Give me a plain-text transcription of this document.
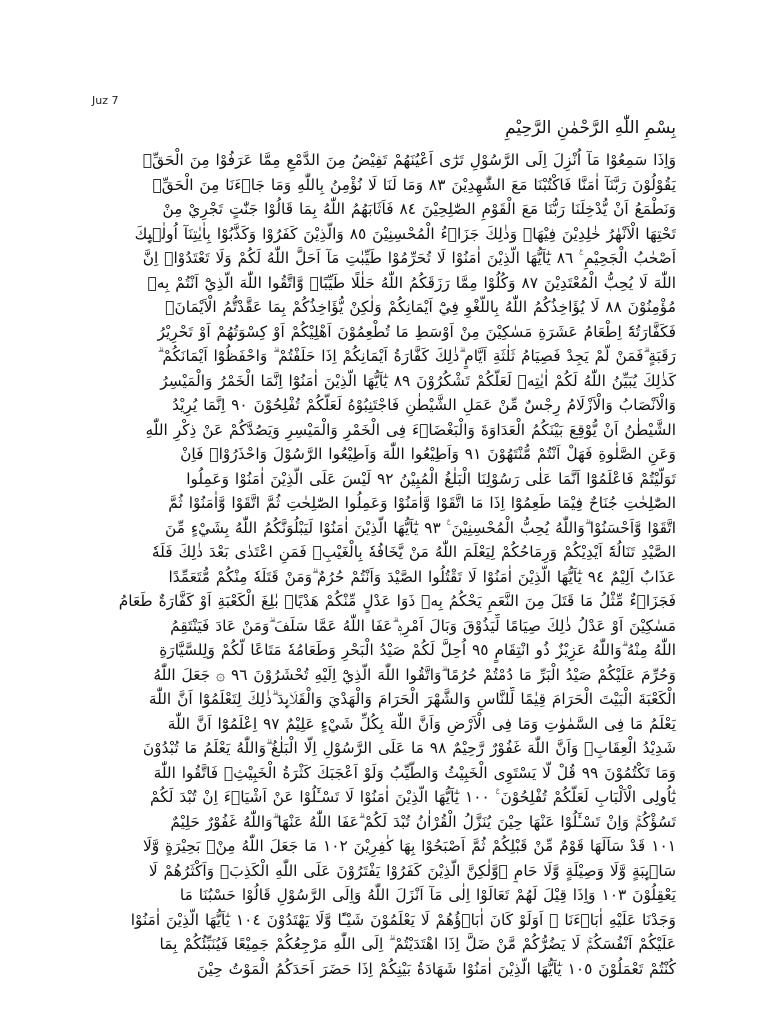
Juz 7
بِسْمِ اللّٰهِ الرَّحْمٰنِ الرَّحِيْمِ
وَاِذَا سَمِعُوْا مَآ اُنْزِلَ اِلَى الرَّسُوْلِ تَرٰٓى اَعْيُنَهُمْ تَفِيْضُ مِنَ الدَّمْعِ مِمَّا عَرَفُوْا مِنَ الْحَقِّۚ
يَقُوْلُوْنَ رَبَّنَآ اٰمَنَّا فَاكْتُبْنَا مَعَ الشّٰهِدِيْنَ ٨٣ وَمَا لَنَا لَا نُؤْمِنُ بِاللّٰهِ وَمَا جَاۤءَنَا مِنَ الْحَقِّۙ
وَنَطْمَعُ اَنْ يُّدْخِلَنَا رَبُّنَا مَعَ الْقَوْمِ الصّٰلِحِيْنَ ٨٤ فَاَثَابَهُمُ اللّٰهُ بِمَا قَالُوْا جَنّٰتٍ تَجْرِيْ مِنْ
تَحْتِهَا الْاَنْهٰرُ خٰلِدِيْنَ فِيْهَاۗ وَذٰلِكَ جَزَاۤءُ الْمُحْسِنِيْنَ ٨٥ وَالَّذِيْنَ كَفَرُوْا وَكَذَّبُوْا بِاٰيٰتِنَآ اُولٰۤىِٕكَ
اَصْحٰبُ الْجَحِيْمِ ࣖ ٨٦ يٰٓاَيُّهَا الَّذِيْنَ اٰمَنُوْا لَا تُحَرِّمُوْا طَيِّبٰتِ مَآ اَحَلَّ اللّٰهُ لَكُمْ وَلَا تَعْتَدُوْاۗ اِنَّ
اللّٰهَ لَا يُحِبُّ الْمُعْتَدِيْنَ ٨٧ وَكُلُوْا مِمَّا رَزَقَكُمُ اللّٰهُ حَلٰلًا طَيِّبًاۖ وَّاتَّقُوا اللّٰهَ الَّذِيْٓ اَنْتُمْ بِهٖ
مُؤْمِنُوْنَ ٨٨ لَا يُؤَاخِذُكُمُ اللّٰهُ بِاللَّغْوِ فِيْٓ اَيْمَانِكُمْ وَلٰكِنْ يُّؤَاخِذُكُمْ بِمَا عَقَّدْتُّمُ الْاَيْمَانَۚ
فَكَفَّارَتُهٗٓ اِطْعَامُ عَشَرَةِ مَسٰكِيْنَ مِنْ اَوْسَطِ مَا تُطْعِمُوْنَ اَهْلِيْكُمْ اَوْ كِسْوَتُهُمْ اَوْ تَحْرِيْرُ
رَقَبَةٍ ۗفَمَنْ لَّمْ يَجِدْ فَصِيَامُ ثَلٰثَةِ اَيَّامٍ ۗذٰلِكَ كَفَّارَةُ اَيْمَانِكُمْ اِذَا حَلَفْتُمْ ۗ وَاحْفَظُوْٓا اَيْمَانَكُمْ ۗ
كَذٰلِكَ يُبَيِّنُ اللّٰهُ لَكُمْ اٰيٰتِهٖ لَعَلَّكُمْ تَشْكُرُوْنَ ٨٩ يٰٓاَيُّهَا الَّذِيْنَ اٰمَنُوْٓا اِنَّمَا الْخَمْرُ وَالْمَيْسِرُ
وَالْاَنْصَابُ وَالْاَزْلَامُ رِجْسٌ مِّنْ عَمَلِ الشَّيْطٰنِ فَاجْتَنِبُوْهُ لَعَلَّكُمْ تُفْلِحُوْنَ ٩٠ اِنَّمَا يُرِيْدُ
الشَّيْطٰنُ اَنْ يُّوْقِعَ بَيْنَكُمُ الْعَدَاوَةَ وَالْبَغْضَاۤءَ فِى الْخَمْرِ وَالْمَيْسِرِ وَيَصُدَّكُمْ عَنْ ذِكْرِ اللّٰهِ
وَعَنِ الصَّلٰوةِ فَهَلْ اَنْتُمْ مُّنْتَهُوْنَ ٩١ وَاَطِيْعُوا اللّٰهَ وَاَطِيْعُوا الرَّسُوْلَ وَاحْذَرُوْاۚ فَاِنْ
تَوَلَّيْتُمْ فَاعْلَمُوْٓا اَنَّمَا عَلٰى رَسُوْلِنَا الْبَلٰغُ الْمُبِيْنُ ٩٢ لَيْسَ عَلَى الَّذِيْنَ اٰمَنُوْا وَعَمِلُوا
الصّٰلِحٰتِ جُنَاحٌ فِيْمَا طَعِمُوْٓا اِذَا مَا اتَّقَوْا وَّاٰمَنُوْا وَعَمِلُوا الصّٰلِحٰتِ ثُمَّ اتَّقَوْا وَّاٰمَنُوْا ثُمَّ
اتَّقَوْا وَّاَحْسَنُوْا ۗوَاللّٰهُ يُحِبُّ الْمُحْسِنِيْنَ ࣖ ٩٣ يٰٓاَيُّهَا الَّذِيْنَ اٰمَنُوْا لَيَبْلُوَنَّكُمُ اللّٰهُ بِشَيْءٍ مِّنَ
الصَّيْدِ تَنَالُهٗٓ اَيْدِيْكُمْ وَرِمَاحُكُمْ لِيَعْلَمَ اللّٰهُ مَنْ يَّخَافُهٗ بِالْغَيْبِۚ فَمَنِ اعْتَدٰى بَعْدَ ذٰلِكَ فَلَهٗ
عَذَابٌ اَلِيْمٌ ٩٤ يٰٓاَيُّهَا الَّذِيْنَ اٰمَنُوْا لَا تَقْتُلُوا الصَّيْدَ وَاَنْتُمْ حُرُمٌ ۗوَمَنْ قَتَلَهٗ مِنْكُمْ مُّتَعَمِّدًا
فَجَزَاۤءٌ مِّثْلُ مَا قَتَلَ مِنَ النَّعَمِ يَحْكُمُ بِهٖ ذَوَا عَدْلٍ مِّنْكُمْ هَدْيًاۢ بٰلِغَ الْكَعْبَةِ اَوْ كَفَّارَةٌ طَعَامُ
مَسٰكِيْنَ اَوْ عَدْلُ ذٰلِكَ صِيَامًا لِّيَذُوْقَ وَبَالَ اَمْرِهٖ ۗعَفَا اللّٰهُ عَمَّا سَلَفَ ۗوَمَنْ عَادَ فَيَنْتَقِمُ
اللّٰهُ مِنْهُ ۗوَاللّٰهُ عَزِيْزٌ ذُو انْتِقَامٍ ٩٥ اُحِلَّ لَكُمْ صَيْدُ الْبَحْرِ وَطَعَامُهٗ مَتَاعًا لَّكُمْ وَلِلسَّيَّارَةِ
ۚوَحُرِّمَ عَلَيْكُمْ صَيْدُ الْبَرِّ مَا دُمْتُمْ حُرُمًا ۗوَاتَّقُوا اللّٰهَ الَّذِيْٓ اِلَيْهِ تُحْشَرُوْنَ ٩٦ ۞ جَعَلَ اللّٰهُ
الْكَعْبَةَ الْبَيْتَ الْحَرَامَ قِيٰمًا لِّلنَّاسِ وَالشَّهْرَ الْحَرَامَ وَالْهَدْيَ وَالْقَلَاۤىِٕدَ ۗذٰلِكَ لِتَعْلَمُوْٓا اَنَّ اللّٰهَ
يَعْلَمُ مَا فِى السَّمٰوٰتِ وَمَا فِى الْاَرْضِ وَاَنَّ اللّٰهَ بِكُلِّ شَيْءٍ عَلِيْمٌ ٩٧ اِعْلَمُوْٓا اَنَّ اللّٰهَ
شَدِيْدُ الْعِقَابِۙ وَاَنَّ اللّٰهَ غَفُوْرٌ رَّحِيْمٌ ٩٨ مَا عَلَى الرَّسُوْلِ اِلَّا الْبَلٰغُ ۗوَاللّٰهُ يَعْلَمُ مَا تُبْدُوْنَ
وَمَا تَكْتُمُوْنَ ٩٩ قُلْ لَّا يَسْتَوِى الْخَبِيْثُ وَالطَّيِّبُ وَلَوْ اَعْجَبَكَ كَثْرَةُ الْخَبِيْثِۚ فَاتَّقُوا اللّٰهَ
يٰٓاُولِى الْاَلْبَابِ لَعَلَّكُمْ تُفْلِحُوْنَ ࣖ ١٠٠ يٰٓاَيُّهَا الَّذِيْنَ اٰمَنُوْا لَا تَسْـَٔلُوْا عَنْ اَشْيَاۤءَ اِنْ تُبْدَ لَكُمْ
تَسُؤْكُمْۚ وَاِنْ تَسْـَٔلُوْا عَنْهَا حِيْنَ يُنَزَّلُ الْقُرْاٰنُ تُبْدَ لَكُمْ ۗعَفَا اللّٰهُ عَنْهَا ۗوَاللّٰهُ غَفُوْرٌ حَلِيْمٌ
١٠١ قَدْ سَاَلَهَا قَوْمٌ مِّنْ قَبْلِكُمْ ثُمَّ اَصْبَحُوْا بِهَا كٰفِرِيْنَ ١٠٢ مَا جَعَلَ اللّٰهُ مِنْۢ بَحِيْرَةٍ وَّلَا
سَاۤىِٕبَةٍ وَّلَا وَصِيْلَةٍ وَّلَا حَامٍ ۙوَّلٰكِنَّ الَّذِيْنَ كَفَرُوْا يَفْتَرُوْنَ عَلَى اللّٰهِ الْكَذِبَۗ وَاَكْثَرُهُمْ لَا
يَعْقِلُوْنَ ١٠٣ وَاِذَا قِيْلَ لَهُمْ تَعَالَوْا اِلٰى مَآ اَنْزَلَ اللّٰهُ وَاِلَى الرَّسُوْلِ قَالُوْا حَسْبُنَا مَا
وَجَدْنَا عَلَيْهِ اٰبَاۤءَنَا ۗ اَوَلَوْ كَانَ اٰبَاۤؤُهُمْ لَا يَعْلَمُوْنَ شَيْـًٔا وَّلَا يَهْتَدُوْنَ ١٠٤ يٰٓاَيُّهَا الَّذِيْنَ اٰمَنُوْا
عَلَيْكُمْ اَنْفُسَكُمْۚ لَا يَضُرُّكُمْ مَّنْ ضَلَّ اِذَا اهْتَدَيْتُمْ ۗ اِلَى اللّٰهِ مَرْجِعُكُمْ جَمِيْعًا فَيُنَبِّئُكُمْ بِمَا
كُنْتُمْ تَعْمَلُوْنَ ١٠٥ يٰٓاَيُّهَا الَّذِيْنَ اٰمَنُوْا شَهَادَةُ بَيْنِكُمْ اِذَا حَضَرَ اَحَدَكُمُ الْمَوْتُ حِيْنَ
